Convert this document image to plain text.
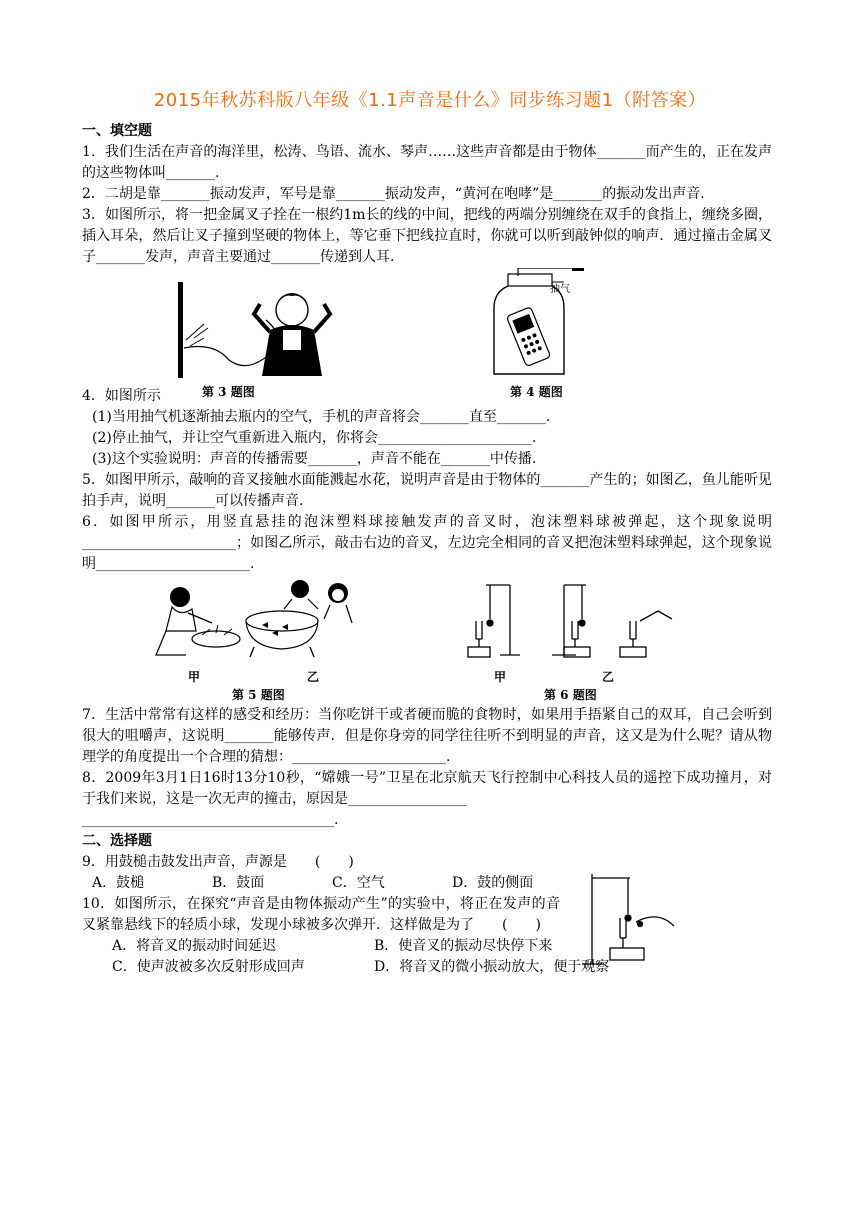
2015年秋苏科版八年级《1.1声音是什么》同步练习题1（附答案）
一、填空题

1．我们生活在声音的海洋里，松涛、鸟语、流水、琴声……这些声音都是由于物体_______而产生的，正在发声的这些物体叫_______.

2．二胡是靠_______振动发声，军号是靠_______振动发声，“黄河在咆哮”是_______的振动发出声音.

3．如图所示，将一把金属叉子拴在一根约1m长的线的中间，把线的两端分别缠绕在双手的食指上，缠绕多圈，插入耳朵，然后让叉子撞到坚硬的物体上，等它垂下把线拉直时，你就可以听到敲钟似的响声．通过撞击金属叉子_______发声，声音主要通过_______传递到人耳.

第 3 题图
抽气
第 4 题图

4．如图所示

(1)当用抽气机逐渐抽去瓶内的空气，手机的声音将会_______直至_______.

(2)停止抽气，并让空气重新进入瓶内，你将会______________________.

(3)这个实验说明：声音的传播需要_______，声音不能在_______中传播.

5．如图甲所示，敲响的音叉接触水面能溅起水花，说明声音是由于物体的_______产生的；如图乙，鱼儿能听见拍手声，说明_______可以传播声音.

6．如图甲所示，用竖直悬挂的泡沫塑料球接触发声的音叉时，泡沫塑料球被弹起，这个现象说明______________________；如图乙所示，敲击右边的音叉，左边完全相同的音叉把泡沫塑料球弹起，这个现象说明______________________.

甲	乙
第 5 题图
甲	乙
第 6 题图

7．生活中常常有这样的感受和经历：当你吃饼干或者硬而脆的食物时，如果用手捂紧自己的双耳，自己会听到很大的咀嚼声，这说明_______能够传声．但是你身旁的同学往往听不到明显的声音，这又是为什么呢？请从物理学的角度提出一个合理的猜想：______________________.

8．2009年3月1日16时13分10秒，“嫦娥一号”卫星在北京航天飞行控制中心科技人员的遥控下成功撞月，对于我们来说，这是一次无声的撞击，原因是_________________

____________________________________.

二、选择题

9．用鼓槌击鼓发出声音，声源是　　(　　)

A．鼓槌	B．鼓面	C．空气	D．鼓的侧面

10．如图所示，在探究“声音是由物体振动产生”的实验中，将正在发声的音叉紧靠悬线下的轻质小球，发现小球被多次弹开．这样做是为了　　(　　)

A．将音叉的振动时间延迟	B．使音叉的振动尽快停下来
C．使声波被多次反射形成回声	D．将音叉的微小振动放大，便于观察
